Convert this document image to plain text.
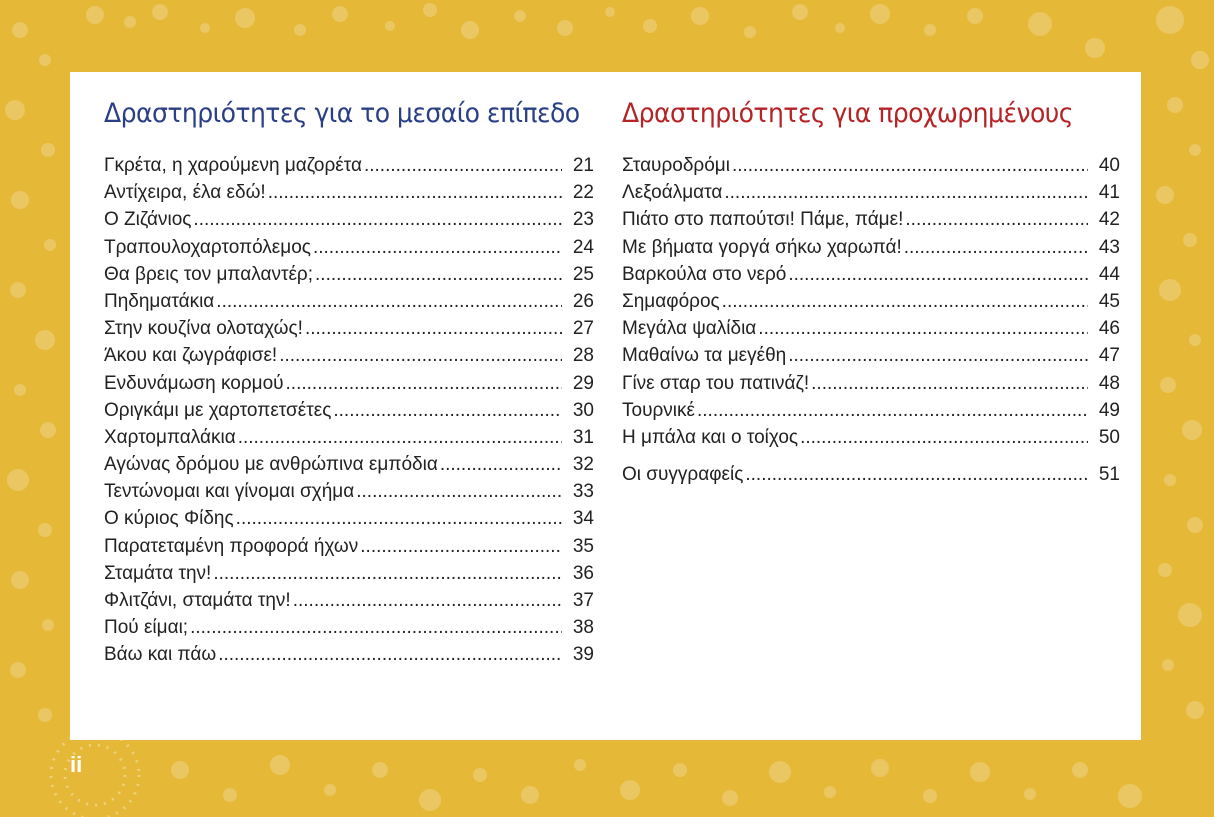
Δραστηριότητες για το μεσαίο επίπεδο
Γκρέτα, η χαρούμενη μαζορέτα .....	21
Αντίχειρα, έλα εδώ! .....	22
Ο Ζιζάνιος .....	23
Τραπουλοχαρτοπόλεμος .....	24
Θα βρεις τον μπαλαντέρ; .....	25
Πηδηματάκια .....	26
Στην κουζίνα ολοταχώς! .....	27
Άκου και ζωγράφισε! .....	28
Ενδυνάμωση κορμού .....	29
Οριγκάμι με χαρτοπετσέτες .....	30
Χαρτομπαλάκια .....	31
Αγώνας δρόμου με ανθρώπινα εμπόδια .....	32
Τεντώνομαι και γίνομαι σχήμα .....	33
Ο κύριος Φίδης .....	34
Παρατεταμένη προφορά ήχων .....	35
Σταμάτα την! .....	36
Φλιτζάνι, σταμάτα την! .....	37
Πού είμαι; .....	38
Βάω και πάω .....	39
Δραστηριότητες για προχωρημένους
Σταυροδρόμι .....	40
Λεξοάλματα .....	41
Πιάτο στο παπούτσι! Πάμε, πάμε! .....	42
Με βήματα γοργά σήκω χαρωπά! .....	43
Βαρκούλα στο νερό .....	44
Σημαφόρος .....	45
Μεγάλα ψαλίδια .....	46
Μαθαίνω τα μεγέθη .....	47
Γίνε σταρ του πατινάζ! .....	48
Τουρνικέ .....	49
Η μπάλα και ο τοίχος .....	50
Οι συγγραφείς .....	51
ii
